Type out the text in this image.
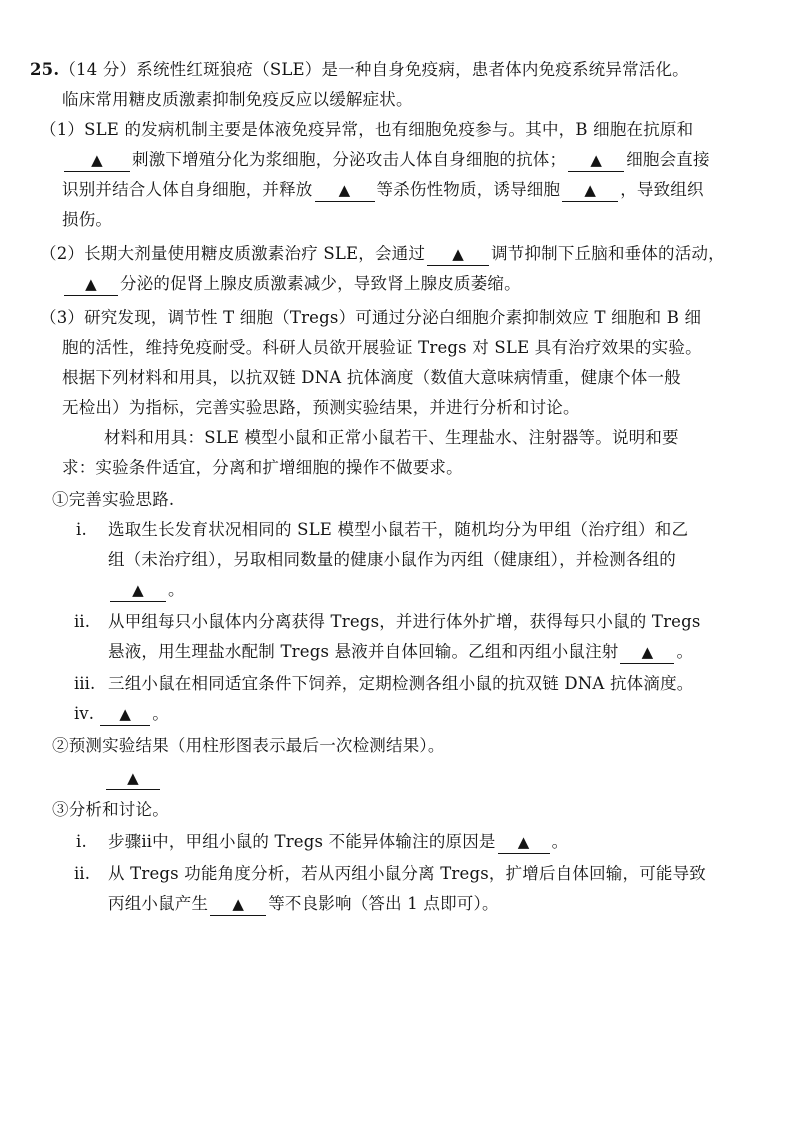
25.（14 分）系统性红斑狼疮（SLE）是一种自身免疫病，患者体内免疫系统异常活化。
临床常用糖皮质激素抑制免疫反应以缓解症状。
（1）SLE 的发病机制主要是体液免疫异常，也有细胞免疫参与。其中，B 细胞在抗原和
▲ 刺激下增殖分化为浆细胞，分泌攻击人体自身细胞的抗体； ▲ 细胞会直接
识别并结合人体自身细胞，并释放 ▲ 等杀伤性物质，诱导细胞 ▲ ，导致组织
损伤。
（2）长期大剂量使用糖皮质激素治疗 SLE，会通过 ▲ 调节抑制下丘脑和垂体的活动，
▲ 分泌的促肾上腺皮质激素减少，导致肾上腺皮质萎缩。
（3）研究发现，调节性 T 细胞（Tregs）可通过分泌白细胞介素抑制效应 T 细胞和 B 细
胞的活性，维持免疫耐受。科研人员欲开展验证 Tregs 对 SLE 具有治疗效果的实验。
根据下列材料和用具，以抗双链 DNA 抗体滴度（数值大意味病情重，健康个体一般
无检出）为指标，完善实验思路，预测实验结果，并进行分析和讨论。
材料和用具：SLE 模型小鼠和正常小鼠若干、生理盐水、注射器等。说明和要
求：实验条件适宜，分离和扩增细胞的操作不做要求。
①完善实验思路.
ⅰ. 选取生长发育状况相同的 SLE 模型小鼠若干，随机均分为甲组（治疗组）和乙
组（未治疗组），另取相同数量的健康小鼠作为丙组（健康组），并检测各组的
▲ 。
ⅱ. 从甲组每只小鼠体内分离获得 Tregs，并进行体外扩增，获得每只小鼠的 Tregs
悬液，用生理盐水配制 Tregs 悬液并自体回输。乙组和丙组小鼠注射 ▲ 。
ⅲ. 三组小鼠在相同适宜条件下饲养，定期检测各组小鼠的抗双链 DNA 抗体滴度。
ⅳ. ▲ 。
②预测实验结果（用柱形图表示最后一次检测结果）。
▲
③分析和讨论。
ⅰ. 步骤ⅱ中，甲组小鼠的 Tregs 不能异体输注的原因是 ▲ 。
ⅱ. 从 Tregs 功能角度分析，若从丙组小鼠分离 Tregs，扩增后自体回输，可能导致
丙组小鼠产生 ▲ 等不良影响（答出 1 点即可）。
